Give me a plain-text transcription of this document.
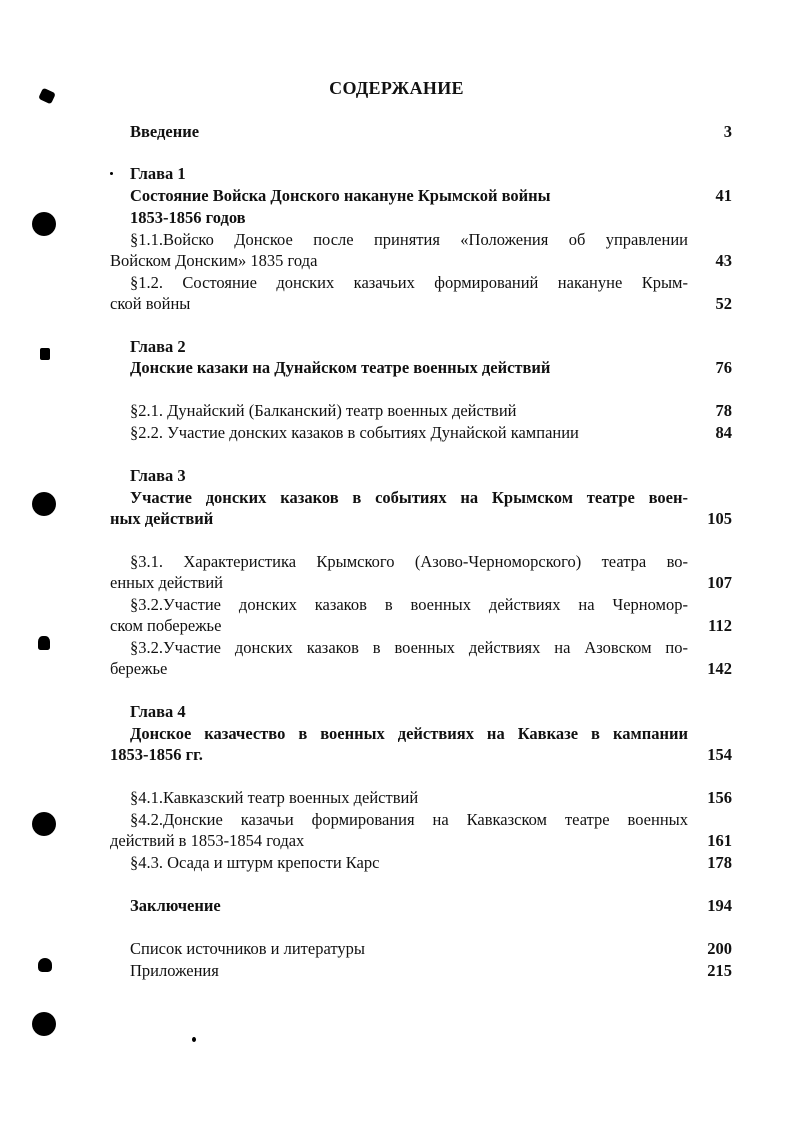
СОДЕРЖАНИЕ
Введение	3
Глава 1
Состояние Войска Донского накануне Крымской войны	41
1853-1856 годов
§1.1.Войско Донское после принятия «Положения об управлении
Войском Донским» 1835 года	43
§1.2. Состояние донских казачьих формирований накануне Крым-
ской войны	52
Глава 2
Донские казаки на Дунайском театре военных действий	76
§2.1. Дунайский (Балканский) театр военных действий	78
§2.2. Участие донских казаков в событиях Дунайской кампании	84
Глава 3
Участие донских казаков в событиях на Крымском театре воен-
ных действий	105
§3.1. Характеристика Крымского (Азово-Черноморского) театра во-
енных действий	107
§3.2.Участие донских казаков в военных действиях на Черномор-
ском побережье	112
§3.2.Участие донских казаков в военных действиях на Азовском по-
бережье	142
Глава 4
Донское казачество в военных действиях на Кавказе в кампании
1853-1856 гг.	154
§4.1.Кавказский театр военных действий	156
§4.2.Донские казачьи формирования на Кавказском театре военных
действий в 1853-1854 годах	161
§4.3. Осада и штурм крепости Карс	178
Заключение	194
Список источников и литературы	200
Приложения	215
